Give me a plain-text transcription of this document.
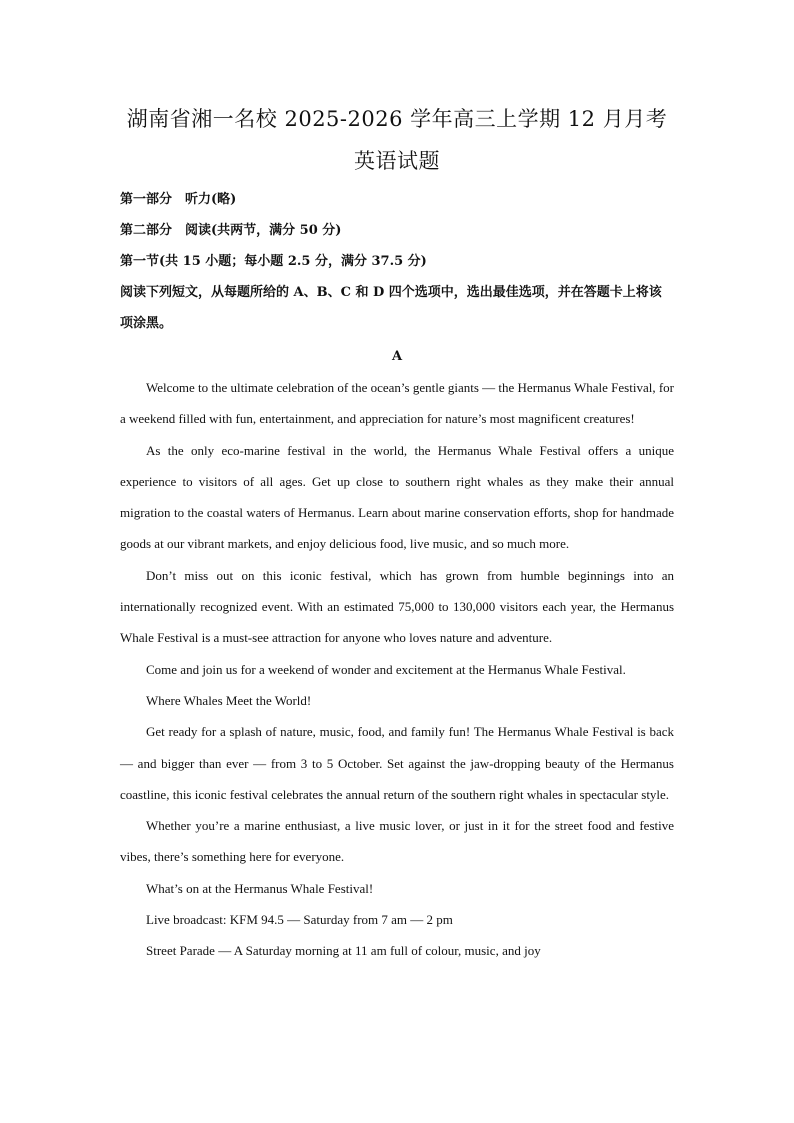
湖南省湘一名校 2025-2026 学年高三上学期 12 月月考
英语试题

第一部分　听力(略)

第二部分　阅读(共两节，满分 50 分)

第一节(共 15 小题；每小题 2.5 分，满分 37.5 分)

阅读下列短文，从每题所给的 A、B、C 和 D 四个选项中，选出最佳选项，并在答题卡上将该项涂黑。

A

Welcome to the ultimate celebration of the ocean’s gentle giants — the Hermanus Whale Festival, for a weekend filled with fun, entertainment, and appreciation for nature’s most magnificent creatures!

As the only eco-marine festival in the world, the Hermanus Whale Festival offers a unique experience to visitors of all ages. Get up close to southern right whales as they make their annual migration to the coastal waters of Hermanus. Learn about marine conservation efforts, shop for handmade goods at our vibrant markets, and enjoy delicious food, live music, and so much more.

Don’t miss out on this iconic festival, which has grown from humble beginnings into an internationally recognized event. With an estimated 75,000 to 130,000 visitors each year, the Hermanus Whale Festival is a must-see attraction for anyone who loves nature and adventure.

Come and join us for a weekend of wonder and excitement at the Hermanus Whale Festival.

Where Whales Meet the World!

Get ready for a splash of nature, music, food, and family fun! The Hermanus Whale Festival is back — and bigger than ever — from 3 to 5 October. Set against the jaw-dropping beauty of the Hermanus coastline, this iconic festival celebrates the annual return of the southern right whales in spectacular style.

Whether you’re a marine enthusiast, a live music lover, or just in it for the street food and festive vibes, there’s something here for everyone.

What’s on at the Hermanus Whale Festival!

Live broadcast: KFM 94.5 — Saturday from 7 am — 2 pm

Street Parade — A Saturday morning at 11 am full of colour, music, and joy
